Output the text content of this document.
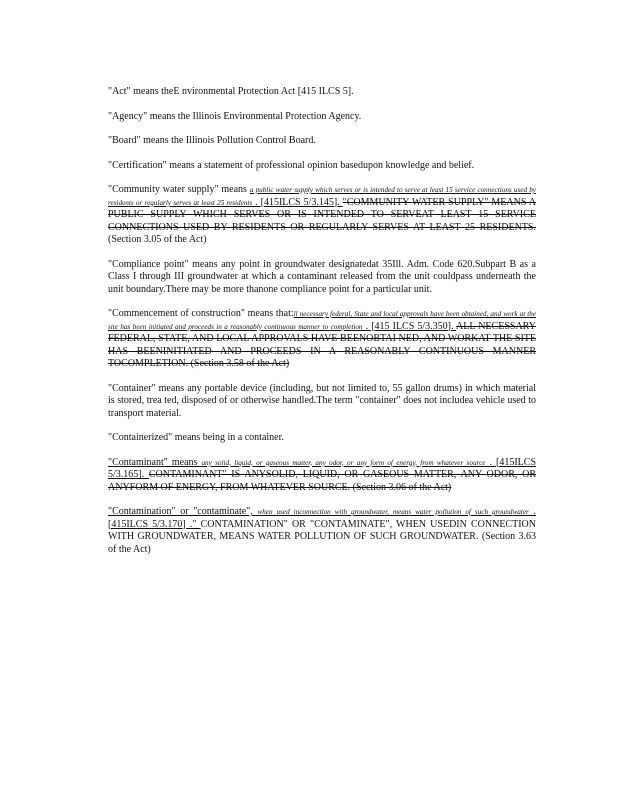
"Act" means theE nvironmental Protection Act [415 ILCS 5].

"Agency" means the Illinois Environmental Protection Agency.

"Board" means the Illinois Pollution Control Board.

"Certification" means a statement of professional opinion basedupon knowledge and belief.

"Community water supply" means a public water supply which serves or is intended to serve at least 15 service connections used by residents or regularly serves at least 25 residents . [415ILCS 5/3.145]. "COMMUNITY WATER SUPPLY" MEANS A PUBLIC SUPPLY WHICH SERVES OR IS INTENDED TO SERVEAT LEAST 15 SERVICE CONNECTIONS USED BY RESIDENTS OR REGULARLY SERVES AT LEAST 25 RESIDENTS. (Section 3.05 of the Act)

"Compliance point" means any point in groundwater designatedat 35Ill. Adm. Code 620.Subpart B as a Class I through III groundwater at which a contaminant released from the unit couldpass underneath the unit boundary.There may be more thanone compliance point for a particular unit.

"Commencement of construction" means that:ll necessary federal, State and local approvals have been obtained, and work at the site has been initiated and proceeds in a reasonably continuous manner to completion . [415 ILCS 5/3.350]. ALL NECESSARY FEDERAL, STATE, AND LOCAL APPROVALS HAVE BEENOBTAI NED, AND WORKAT THE SITE HAS BEENINITIATED AND PROCEEDS IN A REASONABLY CONTINUOUS MANNER TOCOMPLETION. (Section 3.58 of the Act)

"Container" means any portable device (including, but not limited to, 55 gallon drums) in which material is stored, trea ted, disposed of or otherwise handled.The term "container" does not includea vehicle used to transport material.

"Containerized" means being in a container.

"Contaminant" means any solid, liquid, or gaseous matter, any odor, or any form of energy, from whatever source . [415ILCS 5/3.165]. CONTAMINANT" IS ANYSOLID, LIQUID, OR GASEOUS MATTER, ANY ODOR, OR ANYFORM OF ENERGY, FROM WHATEVER SOURCE. (Section 3.06 of the Act)

"Contamination" or "contaminate", when used inconnection with groundwater, means water pollution of such groundwater . [415ILCS 5/3.170] ." CONTAMINATION" OR "CONTAMINATE", WHEN USEDIN CONNECTION WITH GROUNDWATER, MEANS WATER POLLUTION OF SUCH GROUNDWATER. (Section 3.63 of the Act)
